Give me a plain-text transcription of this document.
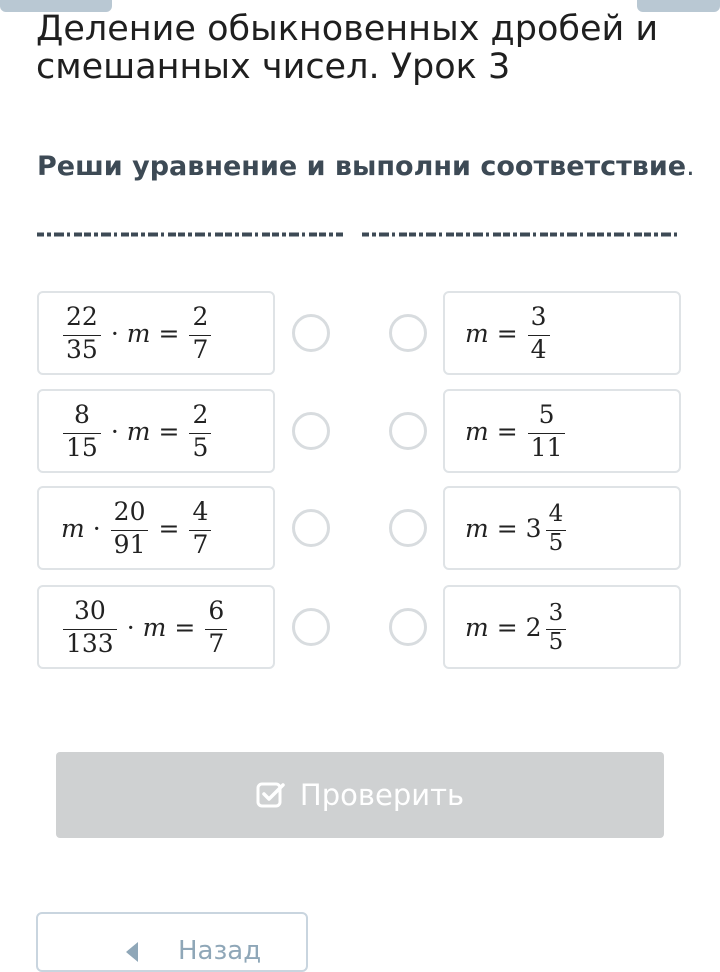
Деление обыкновенных дробей и смешанных чисел. Урок 3
Реши уравнение и выполни соответствие.
$\frac{22}{35} \cdot m = \frac{2}{7}$	$m = \frac{3}{4}$
$\frac{8}{15} \cdot m = \frac{2}{5}$	$m = \frac{5}{11}$
$m \cdot \frac{20}{91} = \frac{4}{7}$	$m = 3 \frac{4}{5}$
$\frac{30}{133} \cdot m = \frac{6}{7}$	$m = 2 \frac{3}{5}$
Проверить
Назад
